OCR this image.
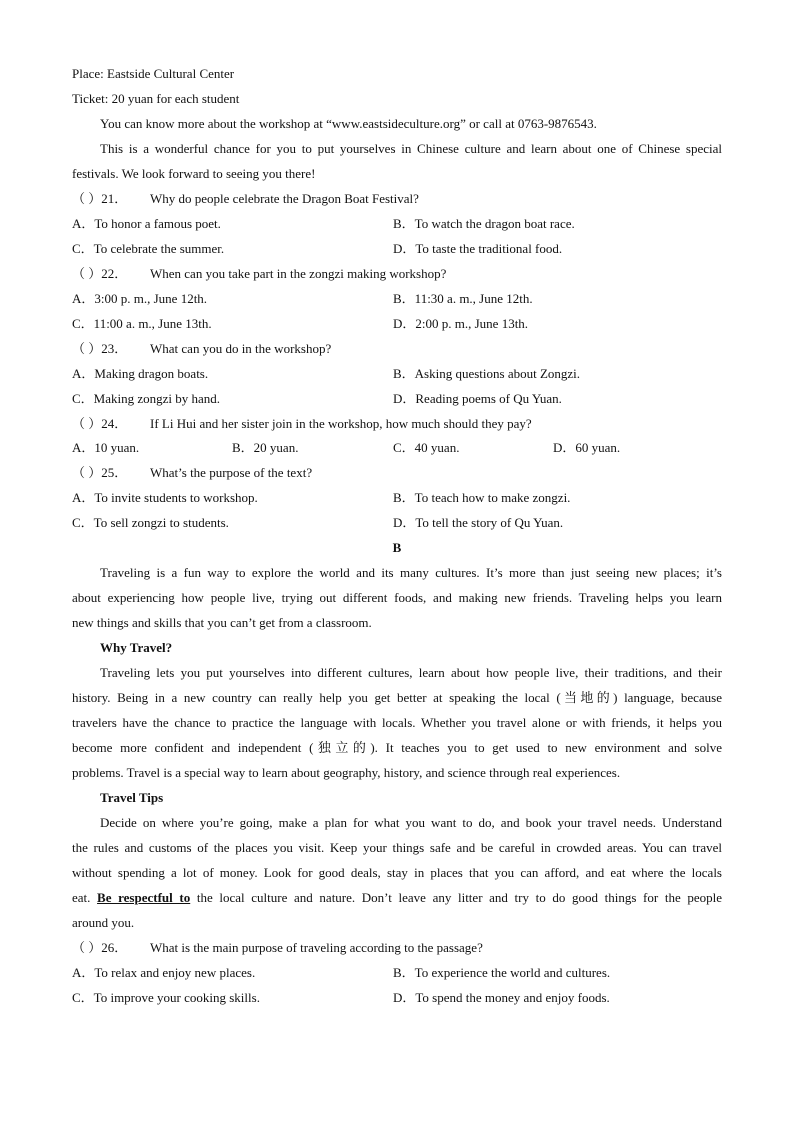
Place: Eastside Cultural Center
Ticket: 20 yuan for each student
You can know more about the workshop at “www.eastsideculture.org” or call at 0763-9876543.
This is a wonderful chance for you to put yourselves in Chinese culture and learn about one of Chinese special
festivals. We look forward to seeing you there!
（ ）21． Why do people celebrate the Dragon Boat Festival?
A．To honor a famous poet.	B．To watch the dragon boat race.
C．To celebrate the summer.	D．To taste the traditional food.
（ ）22． When can you take part in the zongzi making workshop?
A．3:00 p. m., June 12th.	B．11:30 a. m., June 12th.
C．11:00 a. m., June 13th.	D．2:00 p. m., June 13th.
（ ）23． What can you do in the workshop?
A．Making dragon boats.	B．Asking questions about Zongzi.
C．Making zongzi by hand.	D．Reading poems of Qu Yuan.
（ ）24． If Li Hui and her sister join in the workshop, how much should they pay?
A．10 yuan.	B．20 yuan.	C．40 yuan.	D．60 yuan.
（ ）25． What’s the purpose of the text?
A．To invite students to workshop.	B．To teach how to make zongzi.
C．To sell zongzi to students.	D．To tell the story of Qu Yuan.
B
Traveling is a fun way to explore the world and its many cultures. It’s more than just seeing new places; it’s
about experiencing how people live, trying out different foods, and making new friends. Traveling helps you learn
new things and skills that you can’t get from a classroom.
Why Travel?
Traveling lets you put yourselves into different cultures, learn about how people live, their traditions, and their
history. Being in a new country can really help you get better at speaking the local (当地的) language, because
travelers have the chance to practice the language with locals. Whether you travel alone or with friends, it helps you
become more confident and independent (独立的). It teaches you to get used to new environment and solve
problems. Travel is a special way to learn about geography, history, and science through real experiences.
Travel Tips
Decide on where you’re going, make a plan for what you want to do, and book your travel needs. Understand
the rules and customs of the places you visit. Keep your things safe and be careful in crowded areas. You can travel
without spending a lot of money. Look for good deals, stay in places that you can afford, and eat where the locals
eat. Be respectful to the local culture and nature. Don’t leave any litter and try to do good things for the people
around you.
（ ）26． What is the main purpose of traveling according to the passage?
A．To relax and enjoy new places.	B．To experience the world and cultures.
C．To improve your cooking skills.	D．To spend the money and enjoy foods.
